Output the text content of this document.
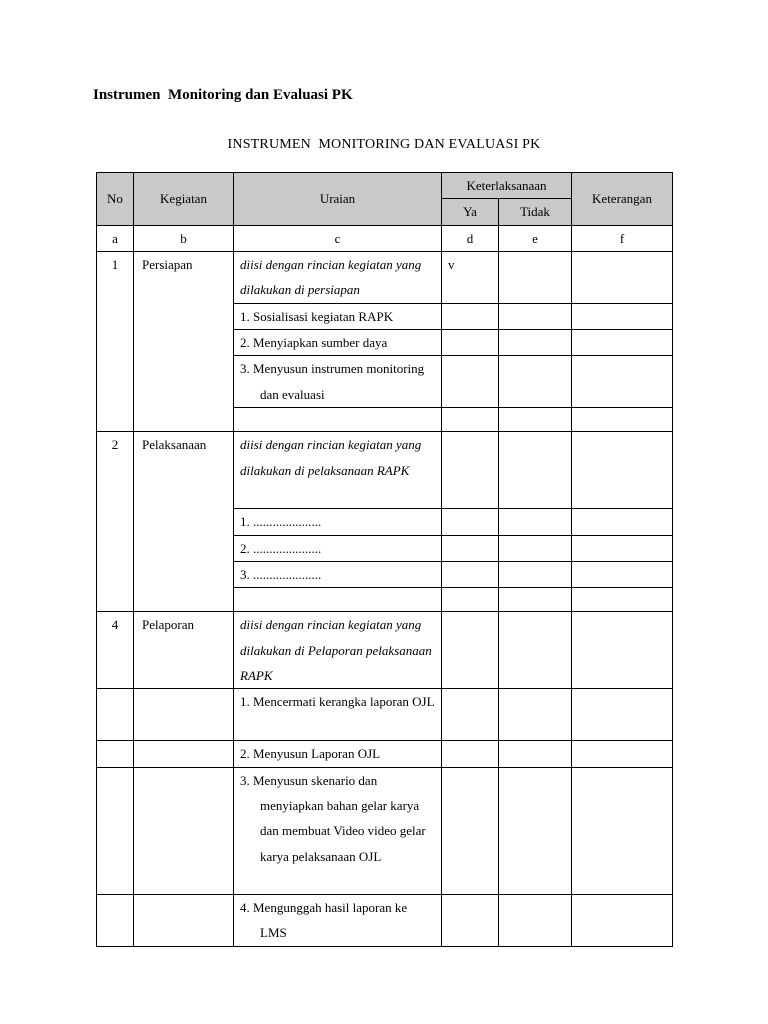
Instrumen  Monitoring dan Evaluasi PK
INSTRUMEN  MONITORING DAN EVALUASI PK
No	Kegiatan	Uraian	Keterlaksanaan		Keterangan
			Ya	Tidak	
a	b	c	d	e	f
1	Persiapan	diisi dengan rincian kegiatan yang dilakukan di persiapan	v		
		1. Sosialisasi kegiatan RAPK			
		2. Menyiapkan sumber daya			

		3. Menyusun instrumen monitoring dan evaluasi			

2	Pelaksanaan	diisi dengan rincian kegiatan yang dilakukan di pelaksanaan RAPK			
		1. .....................			
		2. .....................			
		3. .....................			

4	Pelaporan	diisi dengan rincian kegiatan yang dilakukan di Pelaporan pelaksanaan RAPK			

		1. Mencermati kerangka laporan OJL			

		2. Menyusun Laporan OJL			

		3. Menyusun skenario dan menyiapkan bahan gelar karya dan membuat Video video gelar karya pelaksanaan OJL			

		4. Mengunggah hasil laporan ke LMS			
